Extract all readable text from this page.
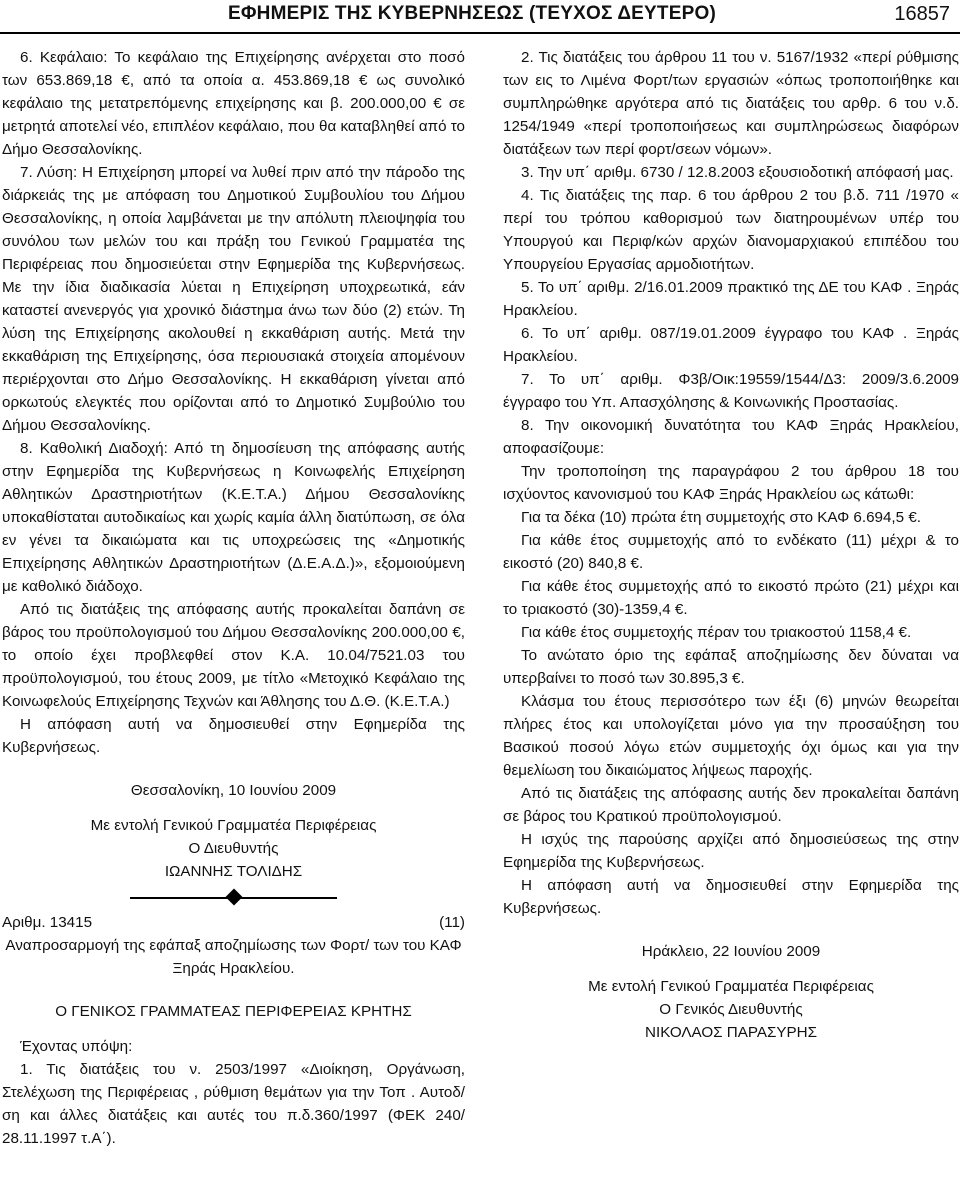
ΕΦΗΜΕΡΙΣ ΤΗΣ ΚΥΒΕΡΝΗΣΕΩΣ (ΤΕΥΧΟΣ ΔΕΥΤΕΡΟ)	16857

6. Κεφάλαιο: Το κεφάλαιο της Επιχείρησης ανέρχεται στο ποσό των 653.869,18 €, από τα οποία α. 453.869,18 € ως συνολικό κεφάλαιο της μετατρεπόμενης επιχείρησης και β. 200.000,00 € σε μετρητά αποτελεί νέο, επιπλέον κεφάλαιο, που θα καταβληθεί από το Δήμο Θεσσαλονίκης.

7. Λύση: Η Επιχείρηση μπορεί να λυθεί πριν από την πάροδο της διάρκειάς της με απόφαση του Δημοτικού Συμβουλίου του Δήμου Θεσσαλονίκης, η οποία λαμβάνεται με την απόλυτη πλειοψηφία του συνόλου των μελών του και πράξη του Γενικού Γραμματέα της Περιφέρειας που δημοσιεύεται στην Εφημερίδα της Κυβερνήσεως. Με την ίδια διαδικασία λύεται η Επιχείρηση υποχρεωτικά, εάν καταστεί ανενεργός για χρονικό διάστημα άνω των δύο (2) ετών. Τη λύση της Επιχείρησης ακολουθεί η εκκαθάριση αυτής. Μετά την εκκαθάριση της Επιχείρησης, όσα περιουσιακά στοιχεία απομένουν περιέρχονται στο Δήμο Θεσσαλονίκης. Η εκκαθάριση γίνεται από ορκωτούς ελεγκτές που ορίζονται από το Δημοτικό Συμβούλιο του Δήμου Θεσσαλονίκης.

8. Καθολική Διαδοχή: Από τη δημοσίευση της απόφασης αυτής στην Εφημερίδα της Κυβερνήσεως η Κοινωφελής Επιχείρηση Αθλητικών Δραστηριοτήτων (Κ.Ε.Τ.Α.) Δήμου Θεσσαλονίκης υποκαθίσταται αυτοδικαίως και χωρίς καμία άλλη διατύπωση, σε όλα εν γένει τα δικαιώματα και τις υποχρεώσεις της «Δημοτικής Επιχείρησης Αθλητικών Δραστηριοτήτων (Δ.Ε.Α.Δ.)», εξομοιούμενη με καθολικό διάδοχο.

Από τις διατάξεις της απόφασης αυτής προκαλείται δαπάνη σε βάρος του προϋπολογισμού του Δήμου Θεσσαλονίκης 200.000,00 €, το οποίο έχει προβλεφθεί στον Κ.Α. 10.04/7521.03 του προϋπολογισμού, του έτους 2009, με τίτλο «Μετοχικό Κεφάλαιο της Κοινωφελούς Επιχείρησης Τεχνών και Άθλησης του Δ.Θ. (Κ.Ε.Τ.Α.)

Η απόφαση αυτή να δημοσιευθεί στην Εφημερίδα της Κυβερνήσεως.

Θεσσαλονίκη, 10 Ιουνίου 2009

Με εντολή Γενικού Γραμματέα Περιφέρειας

Ο Διευθυντής

ΙΩΑΝΝΗΣ ΤΟΛΙΔΗΣ

Αριθμ. 13415	(11)

Αναπροσαρμογή της εφάπαξ αποζημίωσης των Φορτ/ των του ΚΑΦ Ξηράς Ηρακλείου.

Ο ΓΕΝΙΚΟΣ ΓΡΑΜΜΑΤΕΑΣ ΠΕΡΙΦΕΡΕΙΑΣ ΚΡΗΤΗΣ

Έχοντας υπόψη:

1. Τις διατάξεις του ν. 2503/1997 «Διοίκηση, Οργάνωση, Στελέχωση της Περιφέρειας , ρύθμιση θεμάτων για την Τοπ . Αυτοδ/ση και άλλες διατάξεις και αυτές του π.δ.360/1997 (ΦΕΚ 240/ 28.11.1997 τ.Α΄).

2. Τις διατάξεις του άρθρου 11 του ν. 5167/1932 «περί ρύθμισης των εις το Λιμένα Φορτ/των εργασιών «όπως τροποποιήθηκε και συμπληρώθηκε αργότερα από τις διατάξεις του αρθρ. 6 του ν.δ. 1254/1949 «περί τροποποιήσεως και συμπληρώσεως διαφόρων διατάξεων των περί φορτ/σεων νόμων».

3. Την υπ΄ αριθμ. 6730 / 12.8.2003 εξουσιοδοτική απόφασή μας.

4. Τις διατάξεις της παρ. 6 του άρθρου 2 του β.δ. 711 /1970 « περί του τρόπου καθορισμού των διατηρουμένων υπέρ του Υπουργού και Περιφ/κών αρχών διανομαρχιακού επιπέδου του Υπουργείου Εργασίας αρμοδιοτήτων.

5. Το υπ΄ αριθμ. 2/16.01.2009 πρακτικό της ΔΕ του ΚΑΦ . Ξηράς Ηρακλείου.

6. Το υπ΄ αριθμ. 087/19.01.2009 έγγραφο του ΚΑΦ . Ξηράς Ηρακλείου.

7. Το υπ΄ αριθμ. Φ3β/Οικ:19559/1544/Δ3: 2009/3.6.2009 έγγραφο του Υπ. Απασχόλησης & Κοινωνικής Προστασίας.

8. Την οικονομική δυνατότητα του ΚΑΦ Ξηράς Ηρακλείου, αποφασίζουμε:

Την τροποποίηση της παραγράφου 2 του άρθρου 18 του ισχύοντος κανονισμού του ΚΑΦ Ξηράς Ηρακλείου ως κάτωθι:

Για τα δέκα (10) πρώτα έτη συμμετοχής στο ΚΑΦ 6.694,5 €.

Για κάθε έτος συμμετοχής από το ενδέκατο (11) μέχρι & το εικοστό (20) 840,8 €.

Για κάθε έτος συμμετοχής από το εικοστό πρώτο (21) μέχρι και το τριακοστό (30)-1359,4 €.

Για κάθε έτος συμμετοχής πέραν του τριακοστού 1158,4 €.

Το ανώτατο όριο της εφάπαξ αποζημίωσης δεν δύναται να υπερβαίνει το ποσό των 30.895,3 €.

Κλάσμα του έτους περισσότερο των έξι (6) μηνών θεωρείται πλήρες έτος και υπολογίζεται μόνο για την προσαύξηση του Βασικού ποσού λόγω ετών συμμετοχής όχι όμως και για την θεμελίωση του δικαιώματος λήψεως παροχής.

Από τις διατάξεις της απόφασης αυτής δεν προκαλείται δαπάνη σε βάρος του Κρατικού προϋπολογισμού.

Η ισχύς της παρούσης αρχίζει από δημοσιεύσεως της στην Εφημερίδα της Κυβερνήσεως.

Η απόφαση αυτή να δημοσιευθεί στην Εφημερίδα της Κυβερνήσεως.

Ηράκλειο, 22 Ιουνίου 2009

Με εντολή Γενικού Γραμματέα Περιφέρειας

Ο Γενικός Διευθυντής

ΝΙΚΟΛΑΟΣ ΠΑΡΑΣΥΡΗΣ
